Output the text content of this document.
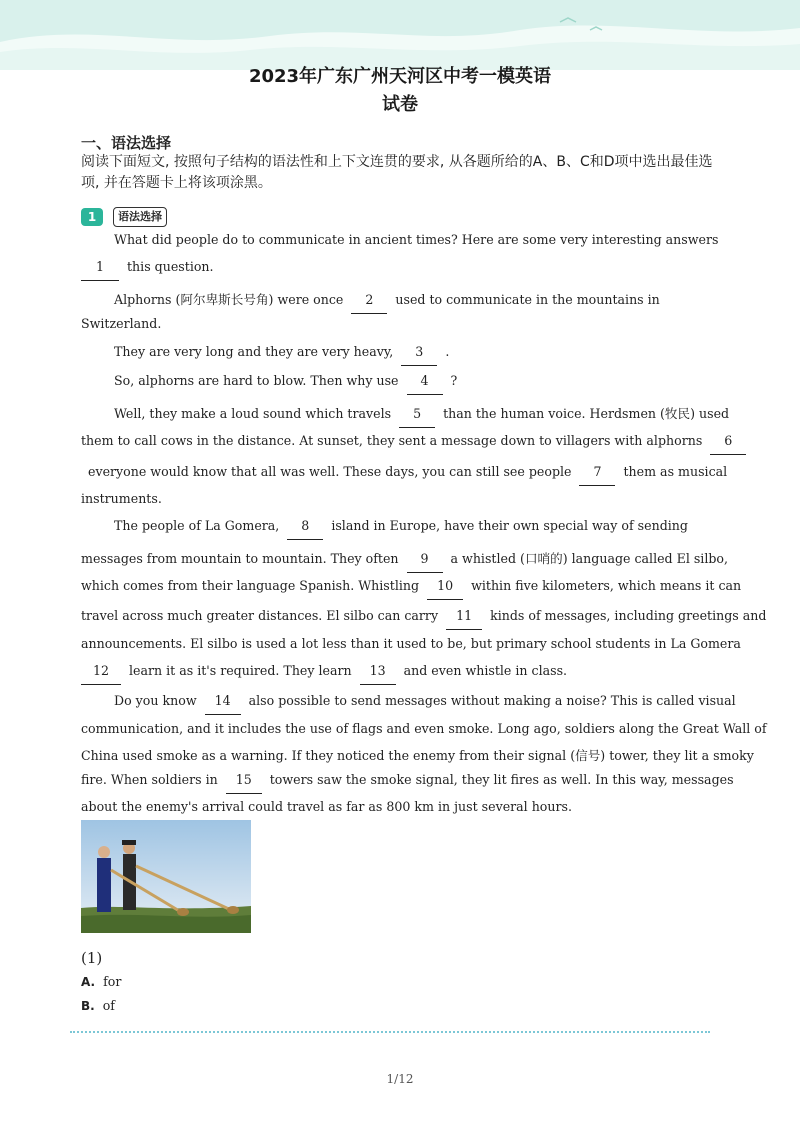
2023年广东广州天河区中考一模英语
试卷
一、语法选择
阅读下面短文, 按照句子结构的语法性和上下文连贯的要求, 从各题所给的A、B、C和D项中选出最佳选项, 并在答题卡上将该项涂黑。
1	语法选择
What did people do to communicate in ancient times? Here are some very interesting answers
1 this question.
Alphorns (阿尔卑斯长号角) were once 2 used to communicate in the mountains in
Switzerland.
They are very long and they are very heavy, 3 .
So, alphorns are hard to blow. Then why use 4 ?
Well, they make a loud sound which travels 5 than the human voice. Herdsmen (牧民) used
them to call cows in the distance. At sunset, they sent a message down to villagers with alphorns 6
everyone would know that all was well. These days, you can still see people 7 them as musical
instruments.
The people of La Gomera, 8 island in Europe, have their own special way of sending
messages from mountain to mountain. They often 9 a whistled (口哨的) language called El silbo,
which comes from their language Spanish. Whistling 10 within five kilometers, which means it can
travel across much greater distances. El silbo can carry 11 kinds of messages, including greetings and
announcements. El silbo is used a lot less than it used to be, but primary school students in La Gomera
12 learn it as it's required. They learn 13 and even whistle in class.
Do you know 14 also possible to send messages without making a noise? This is called visual
communication, and it includes the use of flags and even smoke. Long ago, soldiers along the Great Wall of
China used smoke as a warning. If they noticed the enemy from their signal (信号) tower, they lit a smoky
fire. When soldiers in 15 towers saw the smoke signal, they lit fires as well. In this way, messages
about the enemy's arrival could travel as far as 800 km in just several hours.
(1)
A. for
B. of
1/12
